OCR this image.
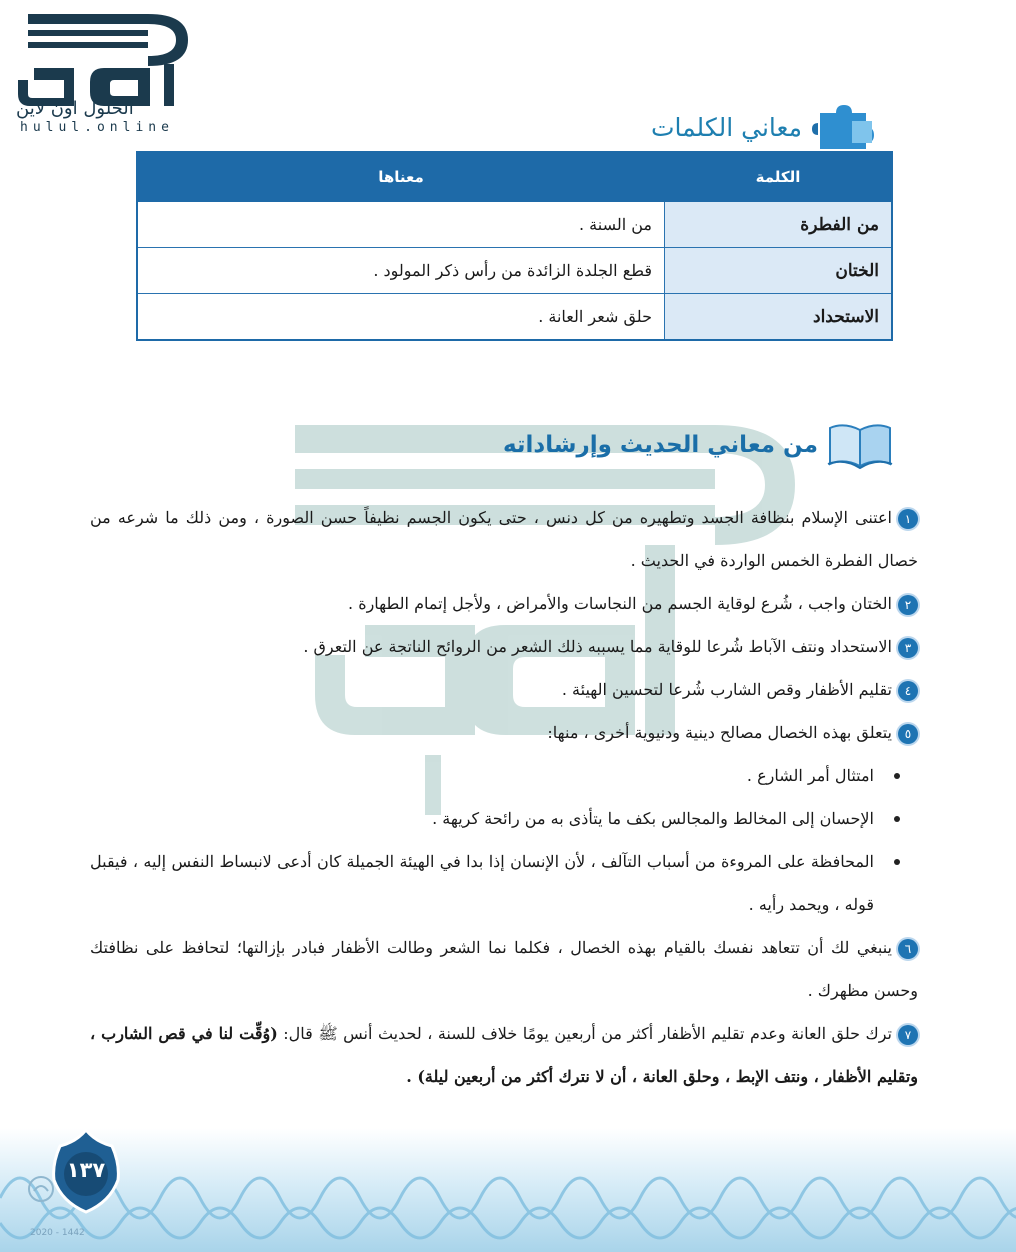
الحلول اون لاين
hulul.online	معاني الكلمات
الكلمة	معناها
من الفطرة	من السنة .
الختان	قطع الجلدة الزائدة من رأس ذكر المولود .
الاستحداد	حلق شعر العانة .
من معاني الحديث وإرشاداته

١اعتنى الإسلام بنظافة الجسد وتطهيره من كل دنس ، حتى يكون الجسم نظيفاً حسن الصورة ، ومن ذلك ما شرعه من خصال الفطرة الخمس الواردة في الحديث .

٢الختان واجب ، شُرع لوقاية الجسم من النجاسات والأمراض ، ولأجل إتمام الطهارة .

٣الاستحداد ونتف الآباط شُرعا للوقاية مما يسببه ذلك الشعر من الروائح الناتجة عن التعرق .

٤تقليم الأظفار وقص الشارب شُرعا لتحسين الهيئة .

٥يتعلق بهذه الخصال مصالح دينية ودنيوية أخرى ، منها:

امتثال أمر الشارع .
الإحسان إلى المخالط والمجالس بكف ما يتأذى به من رائحة كريهة .
المحافظة على المروءة من أسباب التآلف ، لأن الإنسان إذا بدا في الهيئة الجميلة كان أدعى لانبساط النفس إليه ، فيقبل قوله ، ويحمد رأيه .

٦ينبغي لك أن تتعاهد نفسك بالقيام بهذه الخصال ، فكلما نما الشعر وطالت الأظفار فبادر بإزالتها؛ لتحافظ على نظافتك وحسن مظهرك .

٧ترك حلق العانة وعدم تقليم الأظفار أكثر من أربعين يومًا خلاف للسنة ، لحديث أنس ﷺ قال: (وُقِّت لنا في قص الشارب ، وتقليم الأظفار ، ونتف الإبط ، وحلق العانة ، أن لا نترك أكثر من أربعين ليلة) .

١٣٧
2020 - 1442
